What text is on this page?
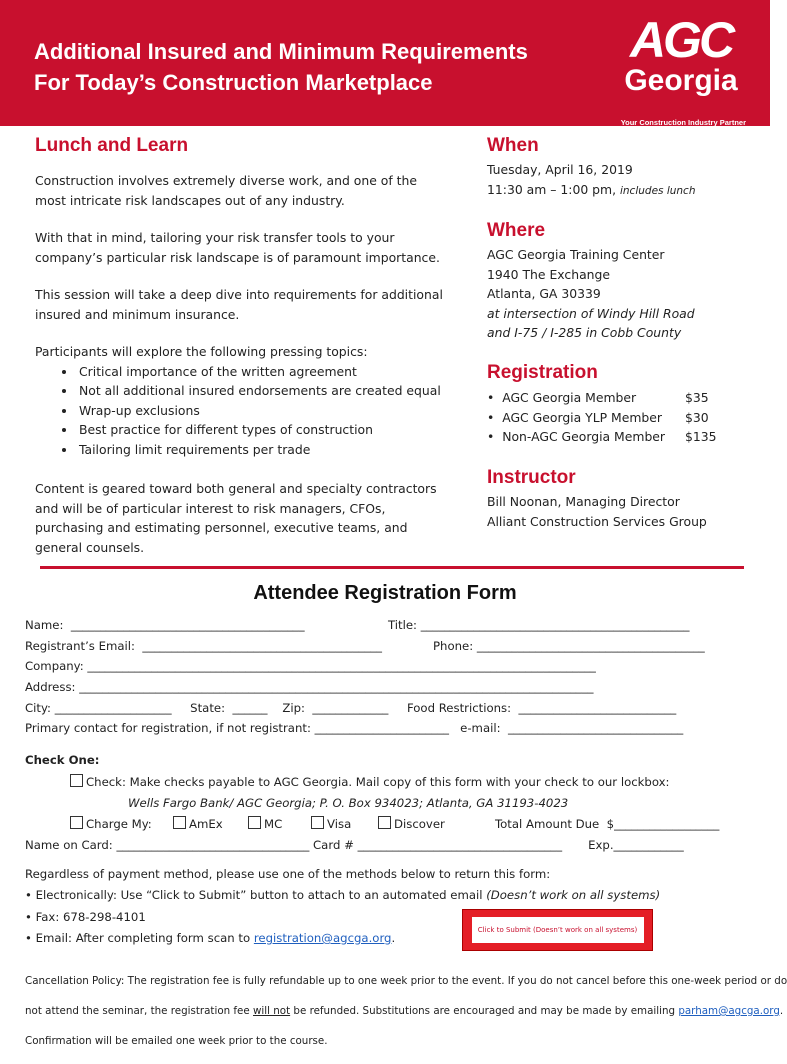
Additional Insured and Minimum Requirements
For Today’s Construction Marketplace
AGC
Georgia
Your Construction Industry Partner
Lunch and Learn
Construction involves extremely diverse work, and one of the most intricate risk landscapes out of any industry.
With that in mind, tailoring your risk transfer tools to your company’s particular risk landscape is of paramount importance.
This session will take a deep dive into requirements for additional insured and minimum insurance.
Participants will explore the following pressing topics:
• Critical importance of the written agreement
• Not all additional insured endorsements are created equal
• Wrap-up exclusions
• Best practice for different types of construction
• Tailoring limit requirements per trade
Content is geared toward both general and specialty contractors and will be of particular interest to risk managers, CFOs, purchasing and estimating personnel, executive teams, and general counsels.
When
Tuesday, April 16, 2019
11:30 am – 1:00 pm, includes lunch
Where
AGC Georgia Training Center
1940 The Exchange
Atlanta, GA 30339
at intersection of Windy Hill Road
and I-75 / I-285 in Cobb County
Registration
•  AGC Georgia Member	$35
•  AGC Georgia YLP Member	$30
•  Non-AGC Georgia Member	$135
Instructor
Bill Noonan, Managing Director
Alliant Construction Services Group
Attendee Registration Form
Name:  ________________________________________	Title: ______________________________________________
Registrant’s Email:  _________________________________________	Phone: _______________________________________
Company: _______________________________________________________________________________________
Address: ________________________________________________________________________________________
City: ____________________     State:  ______    Zip:  _____________     Food Restrictions:  ___________________________
Primary contact for registration, if not registrant: _______________________   e-mail:  ______________________________
Check One:
Check: Make checks payable to AGC Georgia. Mail copy of this form with your check to our lockbox:
Wells Fargo Bank/ AGC Georgia; P. O. Box 934023; Atlanta, GA 31193-4023
Charge My:	AmEx	MC	Visa	Discover	Total Amount Due  $__________________
Name on Card: _________________________________ Card # ___________________________________       Exp.____________
Regardless of payment method, please use one of the methods below to return this form:
• Electronically: Use “Click to Submit” button to attach to an automated email (Doesn’t work on all systems)
• Fax: 678-298-4101
• Email: After completing form scan to registration@agcga.org.
Click to Submit (Doesn’t work on all systems)

Cancellation Policy: The registration fee is fully refundable up to one week prior to the event. If you do not cancel before this one-week period or do

not attend the seminar, the registration fee will not be refunded. Substitutions are encouraged and may be made by emailing parham@agcga.org.

Confirmation will be emailed one week prior to the course.
